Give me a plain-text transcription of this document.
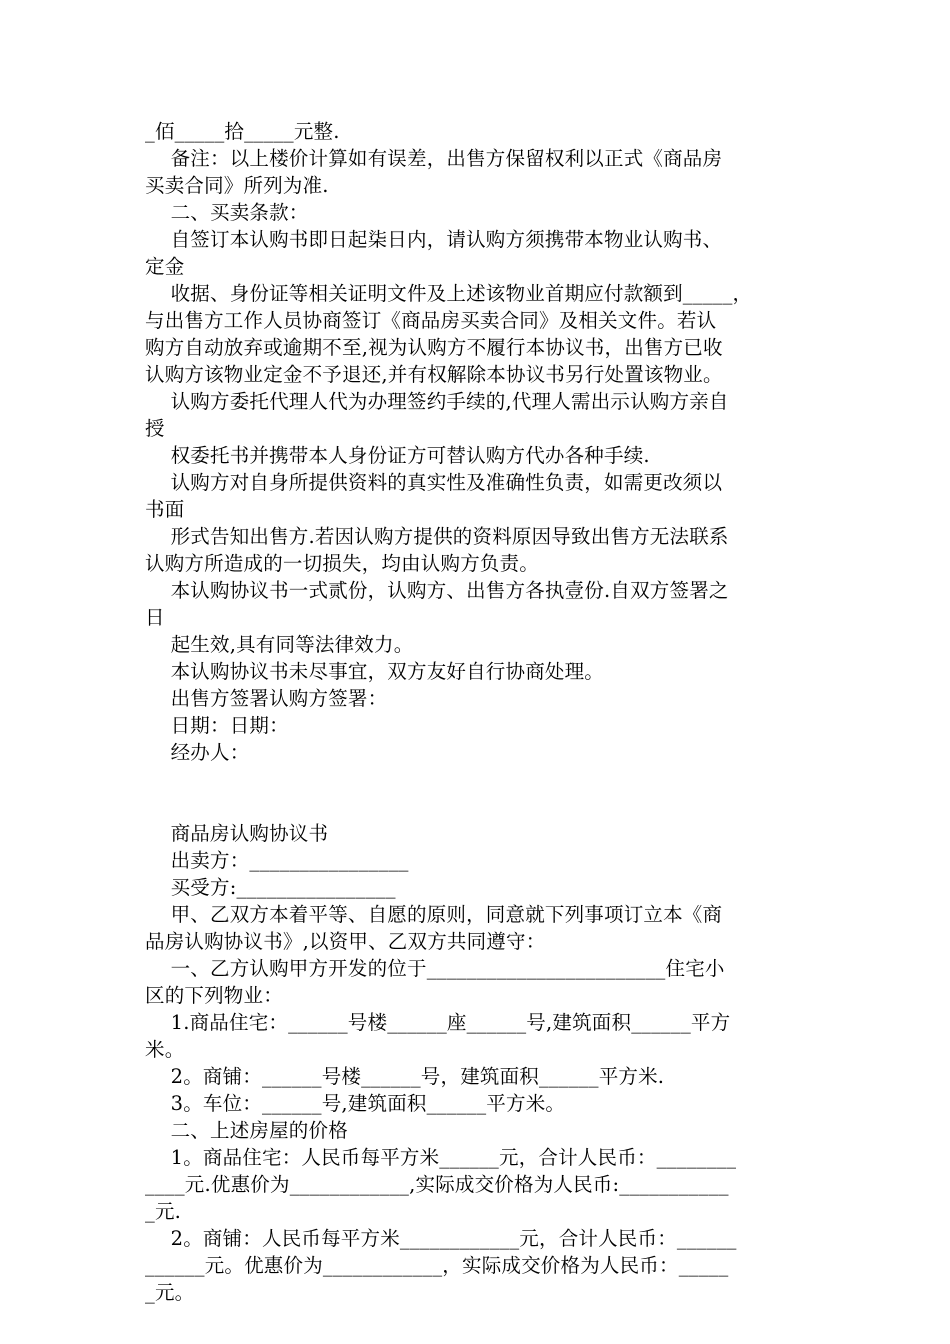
_佰_____拾_____元整.
备注：以上楼价计算如有误差，出售方保留权利以正式《商品房
买卖合同》所列为准.
二、买卖条款：
自签订本认购书即日起柒日内，请认购方须携带本物业认购书、
定金
收据、身份证等相关证明文件及上述该物业首期应付款额到_____，
与出售方工作人员协商签订《商品房买卖合同》及相关文件。若认
购方自动放弃或逾期不至,视为认购方不履行本协议书，出售方已收
认购方该物业定金不予退还,并有权解除本协议书另行处置该物业。
认购方委托代理人代为办理签约手续的,代理人需出示认购方亲自
授
权委托书并携带本人身份证方可替认购方代办各种手续.
认购方对自身所提供资料的真实性及准确性负责，如需更改须以
书面
形式告知出售方.若因认购方提供的资料原因导致出售方无法联系
认购方所造成的一切损失，均由认购方负责。
本认购协议书一式贰份，认购方、出售方各执壹份.自双方签署之
日
起生效,具有同等法律效力。
本认购协议书未尽事宜，双方友好自行协商处理。
出售方签署认购方签署：
日期：日期：
经办人：
商品房认购协议书
出卖方：________________
买受方:________________
甲、乙双方本着平等、自愿的原则，同意就下列事项订立本《商
品房认购协议书》,以资甲、乙双方共同遵守：
一、乙方认购甲方开发的位于________________________住宅小
区的下列物业：
1.商品住宅：______号楼______座______号,建筑面积______平方
米。
2。商铺：______号楼______号，建筑面积______平方米.
3。车位：______号,建筑面积______平方米。
二、上述房屋的价格
1。商品住宅：人民币每平方米______元，合计人民币：________
____元.优惠价为____________,实际成交价格为人民币:___________
_元.
2。商铺：人民币每平方米____________元，合计人民币：______
______元。优惠价为____________，实际成交价格为人民币：_____
_元。
